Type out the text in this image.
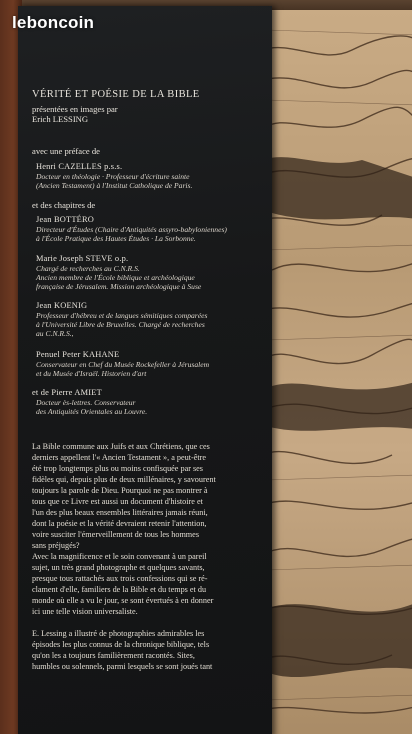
VÉRITÉ ET POÉSIE DE LA BIBLE
présentées en images par
Erich LESSING
avec une préface de
Henri CAZELLES p.s.s.
Docteur en théologie · Professeur d'écriture sainte
(Ancien Testament) à l'Institut Catholique de Paris.
et des chapitres de
Jean BOTTÉRO
Directeur d'Études (Chaire d'Antiquités assyro-babyloniennes)
à l'École Pratique des Hautes Études · La Sorbonne.
Marie Joseph STEVE o.p.
Chargé de recherches au C.N.R.S.
Ancien membre de l'École biblique et archéologique
française de Jérusalem. Mission archéologique à Suse
Jean KOENIG
Professeur d'hébreu et de langues sémitiques comparées
à l'Université Libre de Bruxelles. Chargé de recherches
au C.N.R.S.,
Penuel Peter KAHANE
Conservateur en Chef du Musée Rockefeller à Jérusalem
et du Musée d'Israël. Historien d'art
et de Pierre AMIET
Docteur ès-lettres. Conservateur
des Antiquités Orientales au Louvre.
La Bible commune aux Juifs et aux Chrétiens, que ces
derniers appellent l'« Ancien Testament », a peut-être
été trop longtemps plus ou moins confisquée par ses
fidèles qui, depuis plus de deux millénaires, y savourent
toujours la parole de Dieu. Pourquoi ne pas montrer à
tous que ce Livre est aussi un document d'histoire et
l'un des plus beaux ensembles littéraires jamais réuni,
dont la poésie et la vérité devraient retenir l'attention,
voire susciter l'émerveillement de tous les hommes
sans préjugés?
Avec la magnificence et le soin convenant à un pareil
sujet, un très grand photographe et quelques savants,
presque tous rattachés aux trois confessions qui se ré-
clament d'elle, familiers de la Bible et du temps et du
monde où elle a vu le jour, se sont évertués à en donner
ici une telle vision universaliste.
E. Lessing a illustré de photographies admirables les
épisodes les plus connus de la chronique biblique, tels
qu'on les a toujours familièrement racontés. Sites,
humbles ou solennels, parmi lesquels se sont joués tant
leboncoin
